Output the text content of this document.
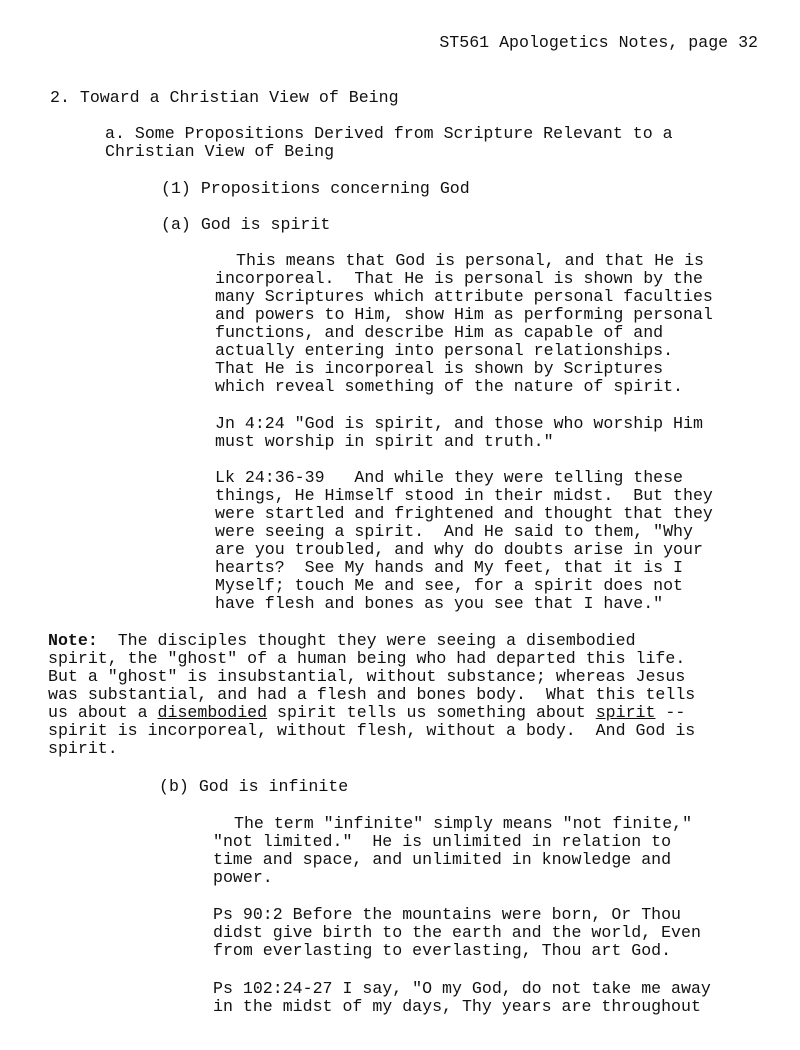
ST561 Apologetics Notes, page 32
2. Toward a Christian View of Being
a. Some Propositions Derived from Scripture Relevant to a
Christian View of Being
(1) Propositions concerning God
(a) God is spirit
This means that God is personal, and that He is
incorporeal.  That He is personal is shown by the
many Scriptures which attribute personal faculties
and powers to Him, show Him as performing personal
functions, and describe Him as capable of and
actually entering into personal relationships.
That He is incorporeal is shown by Scriptures
which reveal something of the nature of spirit.
Jn 4:24 "God is spirit, and those who worship Him
must worship in spirit and truth."
Lk 24:36-39   And while they were telling these
things, He Himself stood in their midst.  But they
were startled and frightened and thought that they
were seeing a spirit.  And He said to them, "Why
are you troubled, and why do doubts arise in your
hearts?  See My hands and My feet, that it is I
Myself; touch Me and see, for a spirit does not
have flesh and bones as you see that I have."
Note:  The disciples thought they were seeing a disembodied
spirit, the "ghost" of a human being who had departed this life.
But a "ghost" is insubstantial, without substance; whereas Jesus
was substantial, and had a flesh and bones body.  What this tells
us about a disembodied spirit tells us something about spirit --
spirit is incorporeal, without flesh, without a body.  And God is
spirit.
(b) God is infinite
The term "infinite" simply means "not finite,"
"not limited."  He is unlimited in relation to
time and space, and unlimited in knowledge and
power.
Ps 90:2 Before the mountains were born, Or Thou
didst give birth to the earth and the world, Even
from everlasting to everlasting, Thou art God.
Ps 102:24-27 I say, "O my God, do not take me away
in the midst of my days, Thy years are throughout
